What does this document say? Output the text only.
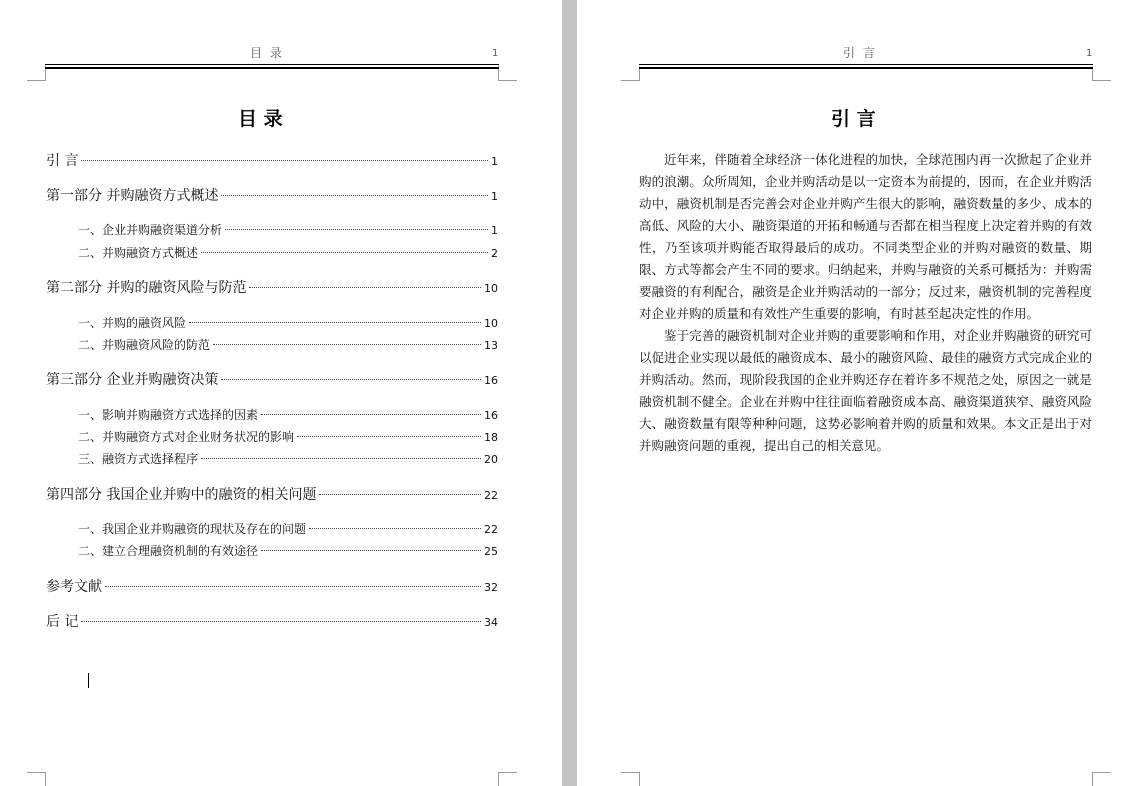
目 录	1
目 录
引 言	1
第一部分 并购融资方式概述	1
一、企业并购融资渠道分析	1
二、并购融资方式概述	2
第二部分 并购的融资风险与防范	10
一、并购的融资风险	10
二、并购融资风险的防范	13
第三部分 企业并购融资决策	16
一、影响并购融资方式选择的因素	16
二、并购融资方式对企业财务状况的影响	18
三、融资方式选择程序	20
第四部分 我国企业并购中的融资的相关问题	22
一、我国企业并购融资的现状及存在的问题	22
二、建立合理融资机制的有效途径	25
参考文献	32
后 记	34
引 言	1
引 言

近年来，伴随着全球经济一体化进程的加快，全球范围内再一次掀起了企业并购的浪潮。众所周知，企业并购活动是以一定资本为前提的，因而，在企业并购活动中，融资机制是否完善会对企业并购产生很大的影响，融资数量的多少、成本的高低、风险的大小、融资渠道的开拓和畅通与否都在相当程度上决定着并购的有效性，乃至该项并购能否取得最后的成功。不同类型企业的并购对融资的数量、期限、方式等都会产生不同的要求。归纳起来，并购与融资的关系可概括为：并购需要融资的有利配合，融资是企业并购活动的一部分；反过来，融资机制的完善程度对企业并购的质量和有效性产生重要的影响，有时甚至起决定性的作用。

鉴于完善的融资机制对企业并购的重要影响和作用，对企业并购融资的研究可以促进企业实现以最低的融资成本、最小的融资风险、最佳的融资方式完成企业的并购活动。然而，现阶段我国的企业并购还存在着许多不规范之处，原因之一就是融资机制不健全。企业在并购中往往面临着融资成本高、融资渠道狭窄、融资风险大、融资数量有限等种种问题，这势必影响着并购的质量和效果。本文正是出于对并购融资问题的重视，提出自己的相关意见。
